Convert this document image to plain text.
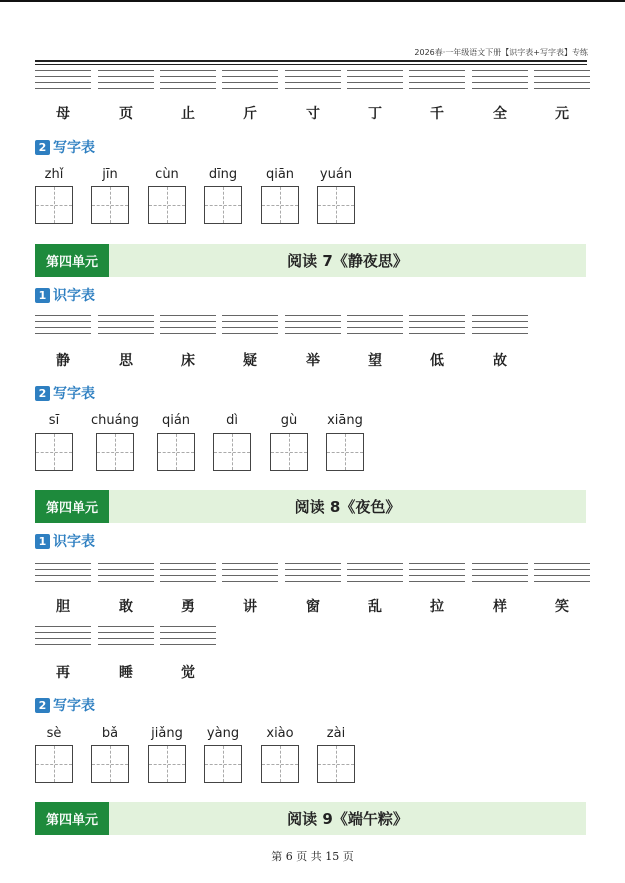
2026春·一年级语文下册【识字表+写字表】专练
母	页	止	斤	寸	丁	千	全	元
2 写字表
zhǐ	jīn	cùn	dīng	qiān	yuán
第四单元	阅读 7《静夜思》
1 识字表
静	思	床	疑	举	望	低	故
2 写字表
sī	chuáng	qián	dì	gù	xiāng
第四单元	阅读 8《夜色》
1 识字表
胆	敢	勇	讲	窗	乱	拉	样	笑
再	睡	觉
2 写字表
sè	bǎ	jiǎng	yàng	xiào	zài
第四单元	阅读 9《端午粽》
第 6 页 共 15 页
